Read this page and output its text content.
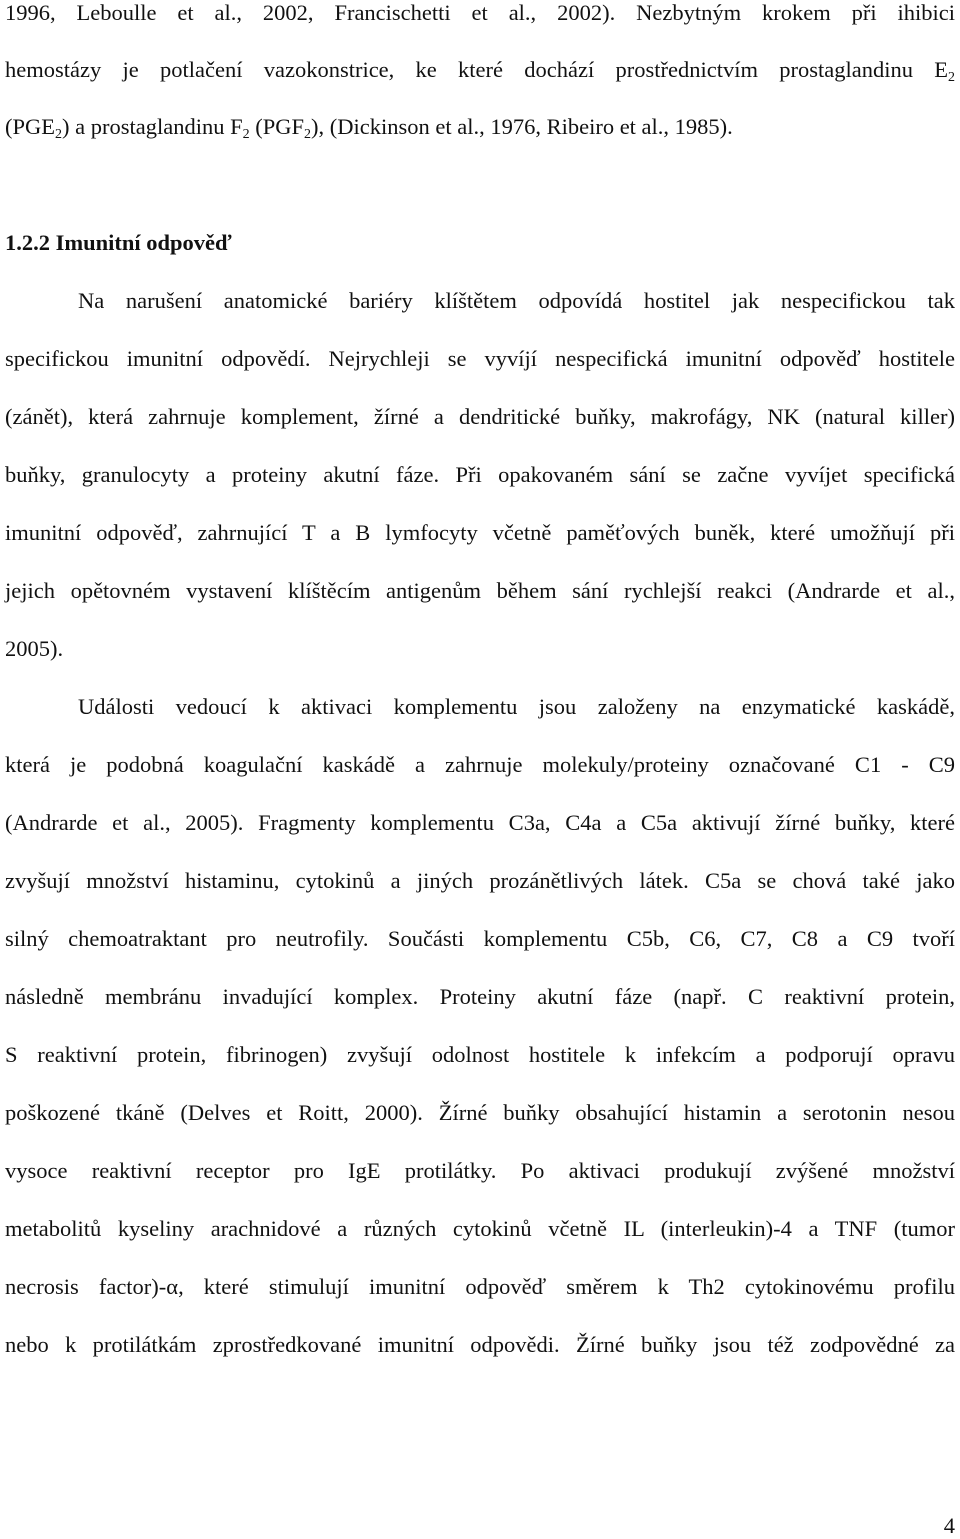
1996, Leboulle et al., 2002, Francischetti et al., 2002). Nezbytným krokem při ihibici
hemostázy je potlačení vazokonstrice, ke které dochází prostřednictvím prostaglandinu $E_2$
$(PGE_2)$ a prostaglandinu $F_2$ $(PGF_2)$, (Dickinson et al., 1976, Ribeiro et al., 1985).
1.2.2 Imunitní odpověď
Na narušení anatomické bariéry klíštětem odpovídá hostitel jak nespecifickou tak
specifickou imunitní odpovědí. Nejrychleji se vyvíjí nespecifická imunitní odpověď hostitele
(zánět), která zahrnuje komplement, žírné a dendritické buňky, makrofágy, NK (natural killer)
buňky, granulocyty a proteiny akutní fáze. Při opakovaném sání se začne vyvíjet specifická
imunitní odpověď, zahrnující T a B lymfocyty včetně paměťových buněk, které umožňují při
jejich opětovném vystavení klíštěcím antigenům během sání rychlejší reakci (Andrarde et al.,
2005).
Události vedoucí k aktivaci komplementu jsou založeny na enzymatické kaskádě,
která je podobná koagulační kaskádě a zahrnuje molekuly/proteiny označované C1 - C9
(Andrarde et al., 2005). Fragmenty komplementu C3a, C4a a C5a aktivují žírné buňky, které
zvyšují množství histaminu, cytokinů a jiných prozánětlivých látek. C5a se chová také jako
silný chemoatraktant pro neutrofily. Součásti komplementu C5b, C6, C7, C8 a C9 tvoří
následně membránu invadující komplex. Proteiny akutní fáze (např. C reaktivní protein,
S reaktivní protein, fibrinogen) zvyšují odolnost hostitele k infekcím a podporují opravu
poškozené tkáně (Delves et Roitt, 2000). Žírné buňky obsahující histamin a serotonin nesou
vysoce reaktivní receptor pro IgE protilátky. Po aktivaci produkují zvýšené množství
metabolitů kyseliny arachnidové a různých cytokinů včetně IL (interleukin)-4 a TNF (tumor
necrosis factor)-α, které stimulují imunitní odpověď směrem k Th2 cytokinovému profilu
nebo k protilátkám zprostředkované imunitní odpovědi. Žírné buňky jsou též zodpovědné za
4
